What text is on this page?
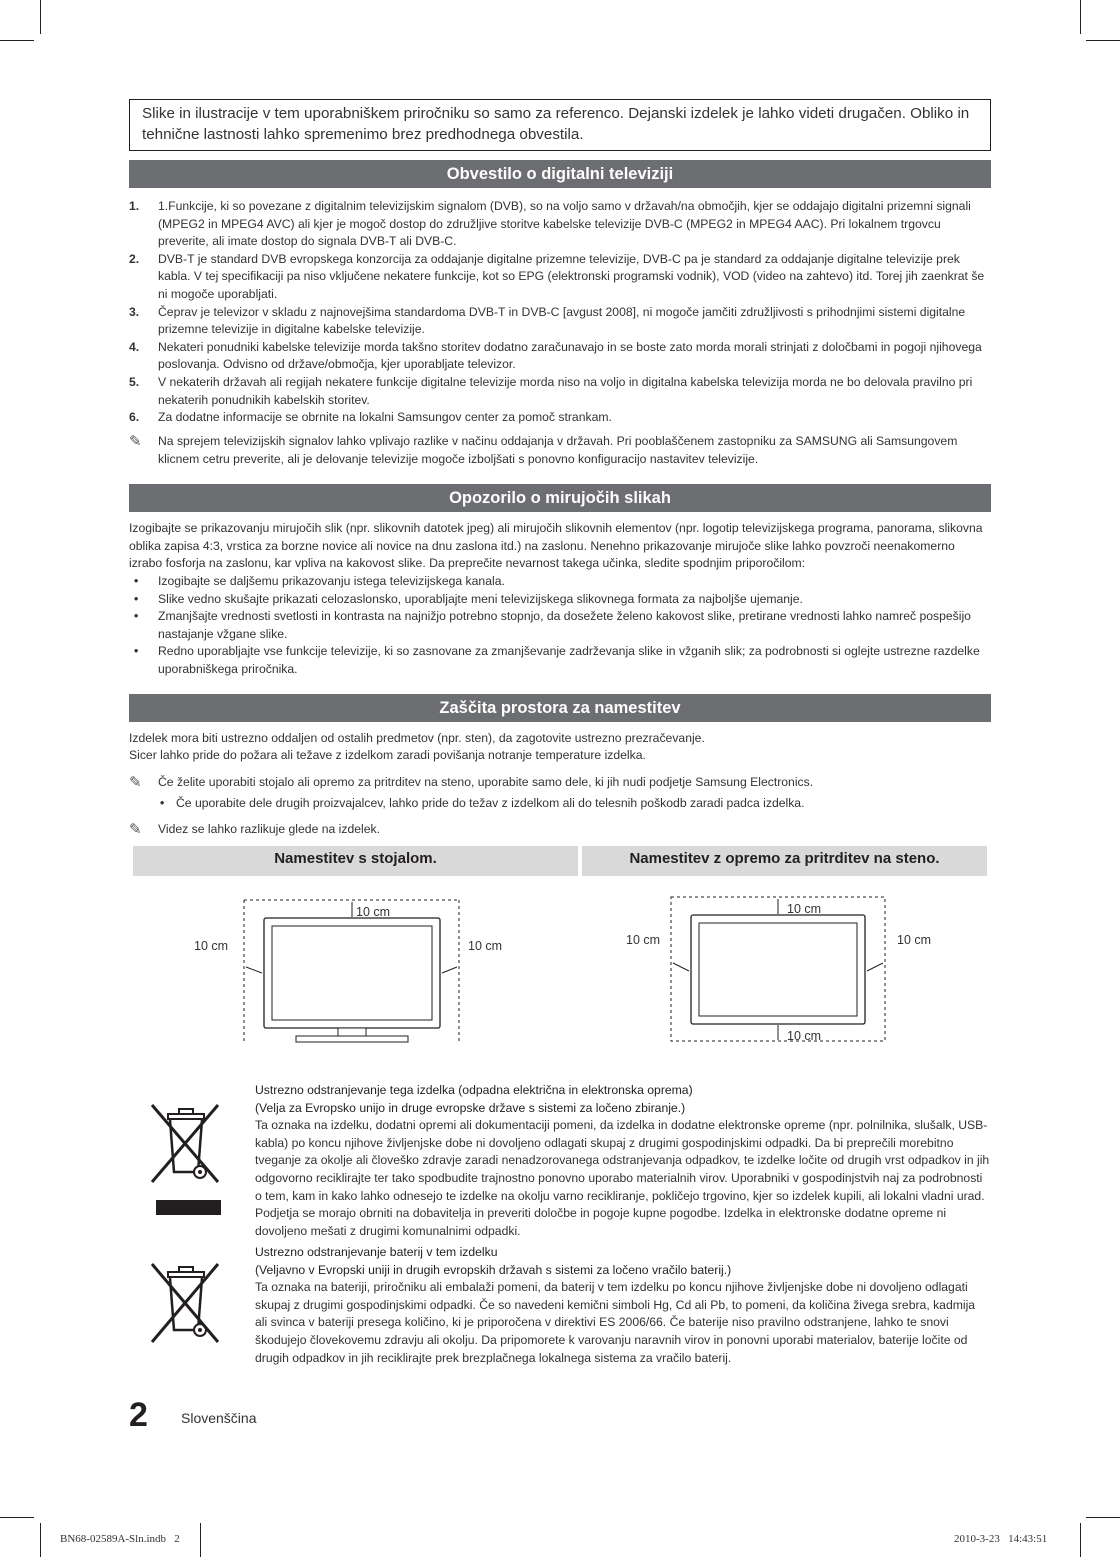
Slike in ilustracije v tem uporabniškem priročniku so samo za referenco. Dejanski izdelek je lahko videti drugačen. Obliko in tehnične lastnosti lahko spremenimo brez predhodnega obvestila.
Obvestilo o digitalni televiziji
1. 1.Funkcije, ki so povezane z digitalnim televizijskim signalom (DVB), so na voljo samo v državah/na območjih, kjer se oddajajo digitalni prizemni signali (MPEG2 in MPEG4 AVC) ali kjer je mogoč dostop do združljive storitve kabelske televizije DVB-C (MPEG2 in MPEG4 AAC). Pri lokalnem trgovcu preverite, ali imate dostop do signala DVB-T ali DVB-C.
2. DVB-T je standard DVB evropskega konzorcija za oddajanje digitalne prizemne televizije, DVB-C pa je standard za oddajanje digitalne televizije prek kabla. V tej specifikaciji pa niso vključene nekatere funkcije, kot so EPG (elektronski programski vodnik), VOD (video na zahtevo) itd. Torej jih zaenkrat še ni mogoče uporabljati.
3. Čeprav je televizor v skladu z najnovejšima standardoma DVB-T in DVB-C [avgust 2008], ni mogoče jamčiti združljivosti s prihodnjimi sistemi digitalne prizemne televizije in digitalne kabelske televizije.
4. Nekateri ponudniki kabelske televizije morda takšno storitev dodatno zaračunavajo in se boste zato morda morali strinjati z določbami in pogoji njihovega poslovanja. Odvisno od države/območja, kjer uporabljate televizor.
5. V nekaterih državah ali regijah nekatere funkcije digitalne televizije morda niso na voljo in digitalna kabelska televizija morda ne bo delovala pravilno pri nekaterih ponudnikih kabelskih storitev.
6. Za dodatne informacije se obrnite na lokalni Samsungov center za pomoč strankam.
✎ Na sprejem televizijskih signalov lahko vplivajo razlike v načinu oddajanja v državah. Pri pooblaščenem zastopniku za SAMSUNG ali Samsungovem klicnem cetru preverite, ali je delovanje televizije mogoče izboljšati s ponovno konfiguracijo nastavitev televizije.
Opozorilo o mirujočih slikah
Izogibajte se prikazovanju mirujočih slik (npr. slikovnih datotek jpeg) ali mirujočih slikovnih elementov (npr. logotip televizijskega programa, panorama, slikovna oblika zapisa 4:3, vrstica za borzne novice ali novice na dnu zaslona itd.) na zaslonu. Nenehno prikazovanje mirujoče slike lahko povzroči neenakomerno izrabo fosforja na zaslonu, kar vpliva na kakovost slike. Da preprečite nevarnost takega učinka, sledite spodnjim priporočilom:
• Izogibajte se daljšemu prikazovanju istega televizijskega kanala.
• Slike vedno skušajte prikazati celozaslonsko, uporabljajte meni televizijskega slikovnega formata za najboljše ujemanje.
• Zmanjšajte vrednosti svetlosti in kontrasta na najnižjo potrebno stopnjo, da dosežete želeno kakovost slike, pretirane vrednosti lahko namreč pospešijo nastajanje vžgane slike.
• Redno uporabljajte vse funkcije televizije, ki so zasnovane za zmanjševanje zadrževanja slike in vžganih slik; za podrobnosti si oglejte ustrezne razdelke uporabniškega priročnika.
Zaščita prostora za namestitev
Izdelek mora biti ustrezno oddaljen od ostalih predmetov (npr. sten), da zagotovite ustrezno prezračevanje.
Sicer lahko pride do požara ali težave z izdelkom zaradi povišanja notranje temperature izdelka.
✎ Če želite uporabiti stojalo ali opremo za pritrditev na steno, uporabite samo dele, ki jih nudi podjetje Samsung Electronics.
• Če uporabite dele drugih proizvajalcev, lahko pride do težav z izdelkom ali do telesnih poškodb zaradi padca izdelka.
✎ Videz se lahko razlikuje glede na izdelek.
Namestitev s stojalom.	Namestitev z opremo za pritrditev na steno.
10 cm
10 cm	10 cm
10 cm
10 cm
10 cm	10 cm
Ustrezno odstranjevanje tega izdelka (odpadna električna in elektronska oprema)
(Velja za Evropsko unijo in druge evropske države s sistemi za ločeno zbiranje.)
Ta oznaka na izdelku, dodatni opremi ali dokumentaciji pomeni, da izdelka in dodatne elektronske opreme (npr. polnilnika, slušalk, USB-kabla) po koncu njihove življenjske dobe ni dovoljeno odlagati skupaj z drugimi gospodinjskimi odpadki. Da bi preprečili morebitno tveganje za okolje ali človeško zdravje zaradi nenadzorovanega odstranjevanja odpadkov, te izdelke ločite od drugih vrst odpadkov in jih odgovorno reciklirajte ter tako spodbudite trajnostno ponovno uporabo materialnih virov. Uporabniki v gospodinjstvih naj za podrobnosti o tem, kam in kako lahko odnesejo te izdelke na okolju varno recikliranje, pokličejo trgovino, kjer so izdelek kupili, ali lokalni vladni urad. Podjetja se morajo obrniti na dobavitelja in preveriti določbe in pogoje kupne pogodbe. Izdelka in elektronske dodatne opreme ni dovoljeno mešati z drugimi komunalnimi odpadki.
Ustrezno odstranjevanje baterij v tem izdelku
(Veljavno v Evropski uniji in drugih evropskih državah s sistemi za ločeno vračilo baterij.)
Ta oznaka na bateriji, priročniku ali embalaži pomeni, da baterij v tem izdelku po koncu njihove življenjske dobe ni dovoljeno odlagati skupaj z drugimi gospodinjskimi odpadki. Če so navedeni kemični simboli Hg, Cd ali Pb, to pomeni, da količina živega srebra, kadmija ali svinca v bateriji presega količino, ki je priporočena v direktivi ES 2006/66. Če baterije niso pravilno odstranjene, lahko te snovi škodujejo človekovemu zdravju ali okolju. Da pripomorete k varovanju naravnih virov in ponovni uporabi materialov, baterije ločite od drugih odpadkov in jih reciklirajte prek brezplačnega lokalnega sistema za vračilo baterij.
2 Slovenščina
BN68-02589A-Sln.indb   2	2010-3-23   14:43:51
